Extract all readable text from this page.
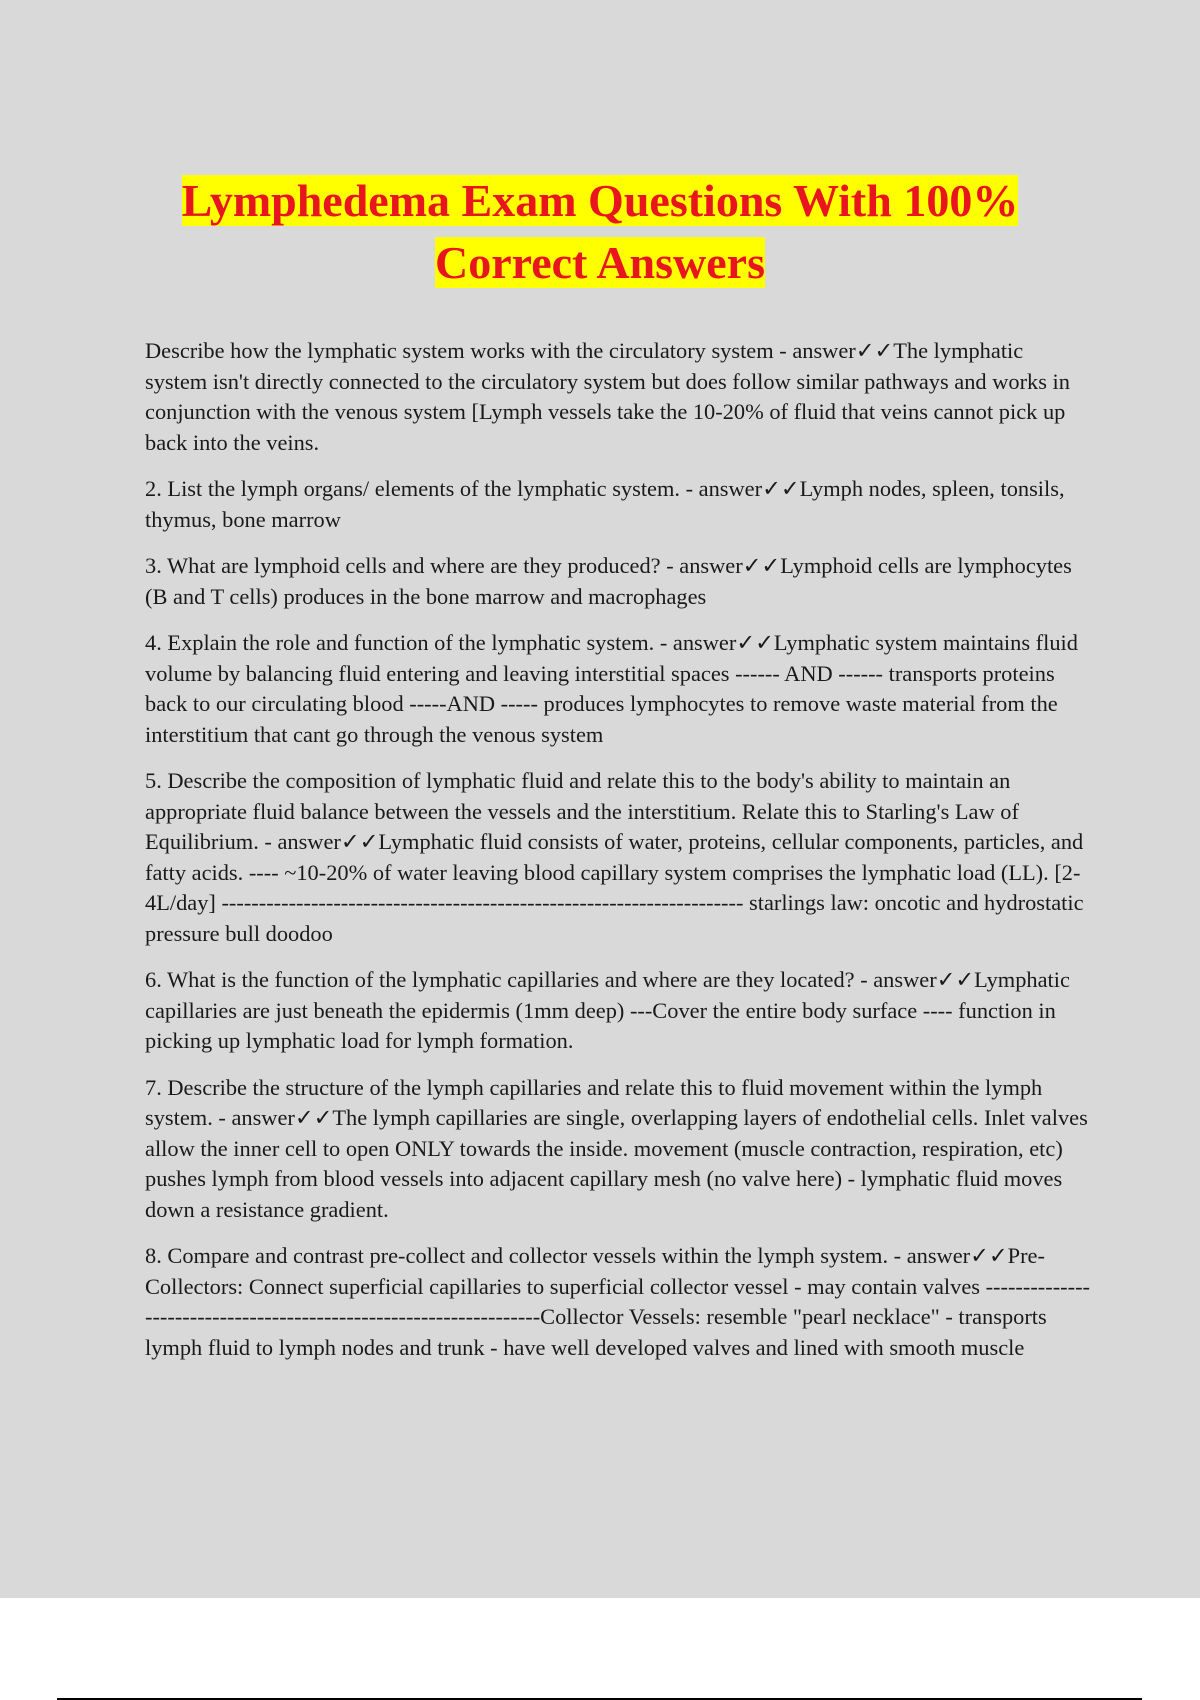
Lymphedema Exam Questions With 100%
Correct Answers

Describe how the lymphatic system works with the circulatory system - answer✓✓The lymphatic system isn't directly connected to the circulatory system but does follow similar pathways and works in conjunction with the venous system [Lymph vessels take the 10-20% of fluid that veins cannot pick up back into the veins.

2. List the lymph organs/ elements of the lymphatic system. - answer✓✓Lymph nodes, spleen, tonsils, thymus, bone marrow

3. What are lymphoid cells and where are they produced? - answer✓✓Lymphoid cells are lymphocytes (B and T cells) produces in the bone marrow and macrophages

4. Explain the role and function of the lymphatic system. - answer✓✓Lymphatic system maintains fluid volume by balancing fluid entering and leaving interstitial spaces ------ AND ------ transports proteins back to our circulating blood -----AND ----- produces lymphocytes to remove waste material from the interstitium that cant go through the venous system

5. Describe the composition of lymphatic fluid and relate this to the body's ability to maintain an appropriate fluid balance between the vessels and the interstitium. Relate this to Starling's Law of Equilibrium. - answer✓✓Lymphatic fluid consists of water, proteins, cellular components, particles, and fatty acids. ---- ~10-20% of water leaving blood capillary system comprises the lymphatic load (LL). [2-4L/day] ---------------------------------------------------------------------- starlings law: oncotic and hydrostatic pressure bull doodoo

6. What is the function of the lymphatic capillaries and where are they located? - answer✓✓Lymphatic capillaries are just beneath the epidermis (1mm deep) ---Cover the entire body surface ---- function in picking up lymphatic load for lymph formation.

7. Describe the structure of the lymph capillaries and relate this to fluid movement within the lymph system. - answer✓✓The lymph capillaries are single, overlapping layers of endothelial cells. Inlet valves allow the inner cell to open ONLY towards the inside. movement (muscle contraction, respiration, etc) pushes lymph from blood vessels into adjacent capillary mesh (no valve here) - lymphatic fluid moves down a resistance gradient.

8. Compare and contrast pre-collect and collector vessels within the lymph system. - answer✓✓Pre-Collectors: Connect superficial capillaries to superficial collector vessel - may contain valves -------------------------------------------------------------------Collector Vessels: resemble "pearl necklace" - transports lymph fluid to lymph nodes and trunk - have well developed valves and lined with smooth muscle
